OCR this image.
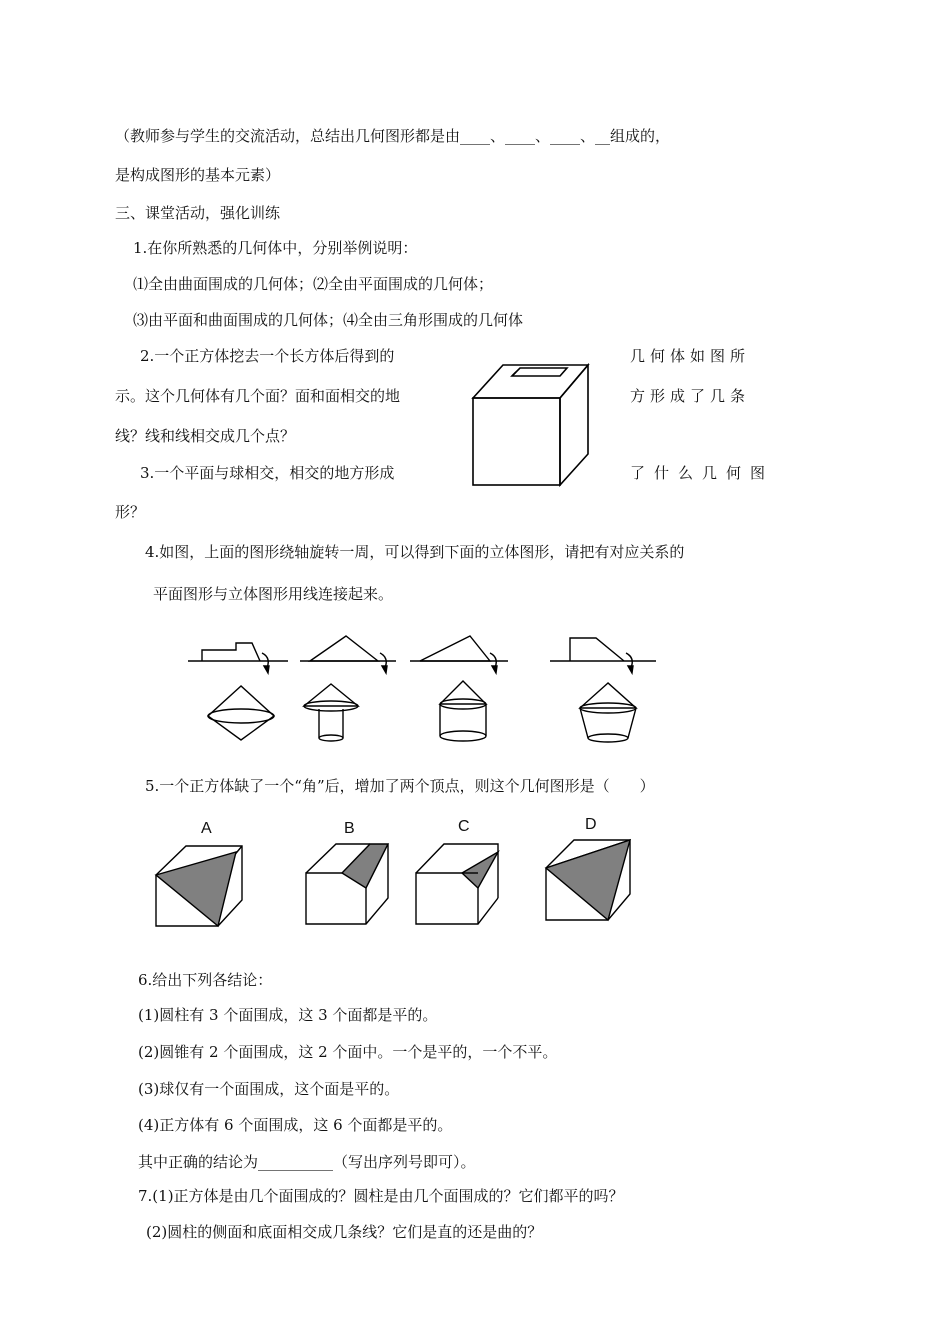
（教师参与学生的交流活动，总结出几何图形都是由____、____、____、__组成的，
是构成图形的基本元素）
三、课堂活动，强化训练
1.在你所熟悉的几何体中，分别举例说明：
⑴全由曲面围成的几何体；⑵全由平面围成的几何体；
⑶由平面和曲面围成的几何体；⑷全由三角形围成的几何体
2.一个正方体挖去一个长方体后得到的	几何体如图所
示。这个几何体有几个面？面和面相交的地	方形成了几条
线？线和线相交成几个点？
3.一个平面与球相交，相交的地方形成	了什么几何图
形？
4.如图，上面的图形绕轴旋转一周，可以得到下面的立体图形，请把有对应关系的
平面图形与立体图形用线连接起来。
5.一个正方体缺了一个“角”后，增加了两个顶点，则这个几何图形是（　　）
A	B	C	D
6.给出下列各结论：
(1)圆柱有 3 个面围成，这 3 个面都是平的。
(2)圆锥有 2 个面围成，这 2 个面中。一个是平的，一个不平。
(3)球仅有一个面围成，这个面是平的。
(4)正方体有 6 个面围成，这 6 个面都是平的。
其中正确的结论为__________（写出序列号即可）。
7.(1)正方体是由几个面围成的？圆柱是由几个面围成的？它们都平的吗？
(2)圆柱的侧面和底面相交成几条线？它们是直的还是曲的？
